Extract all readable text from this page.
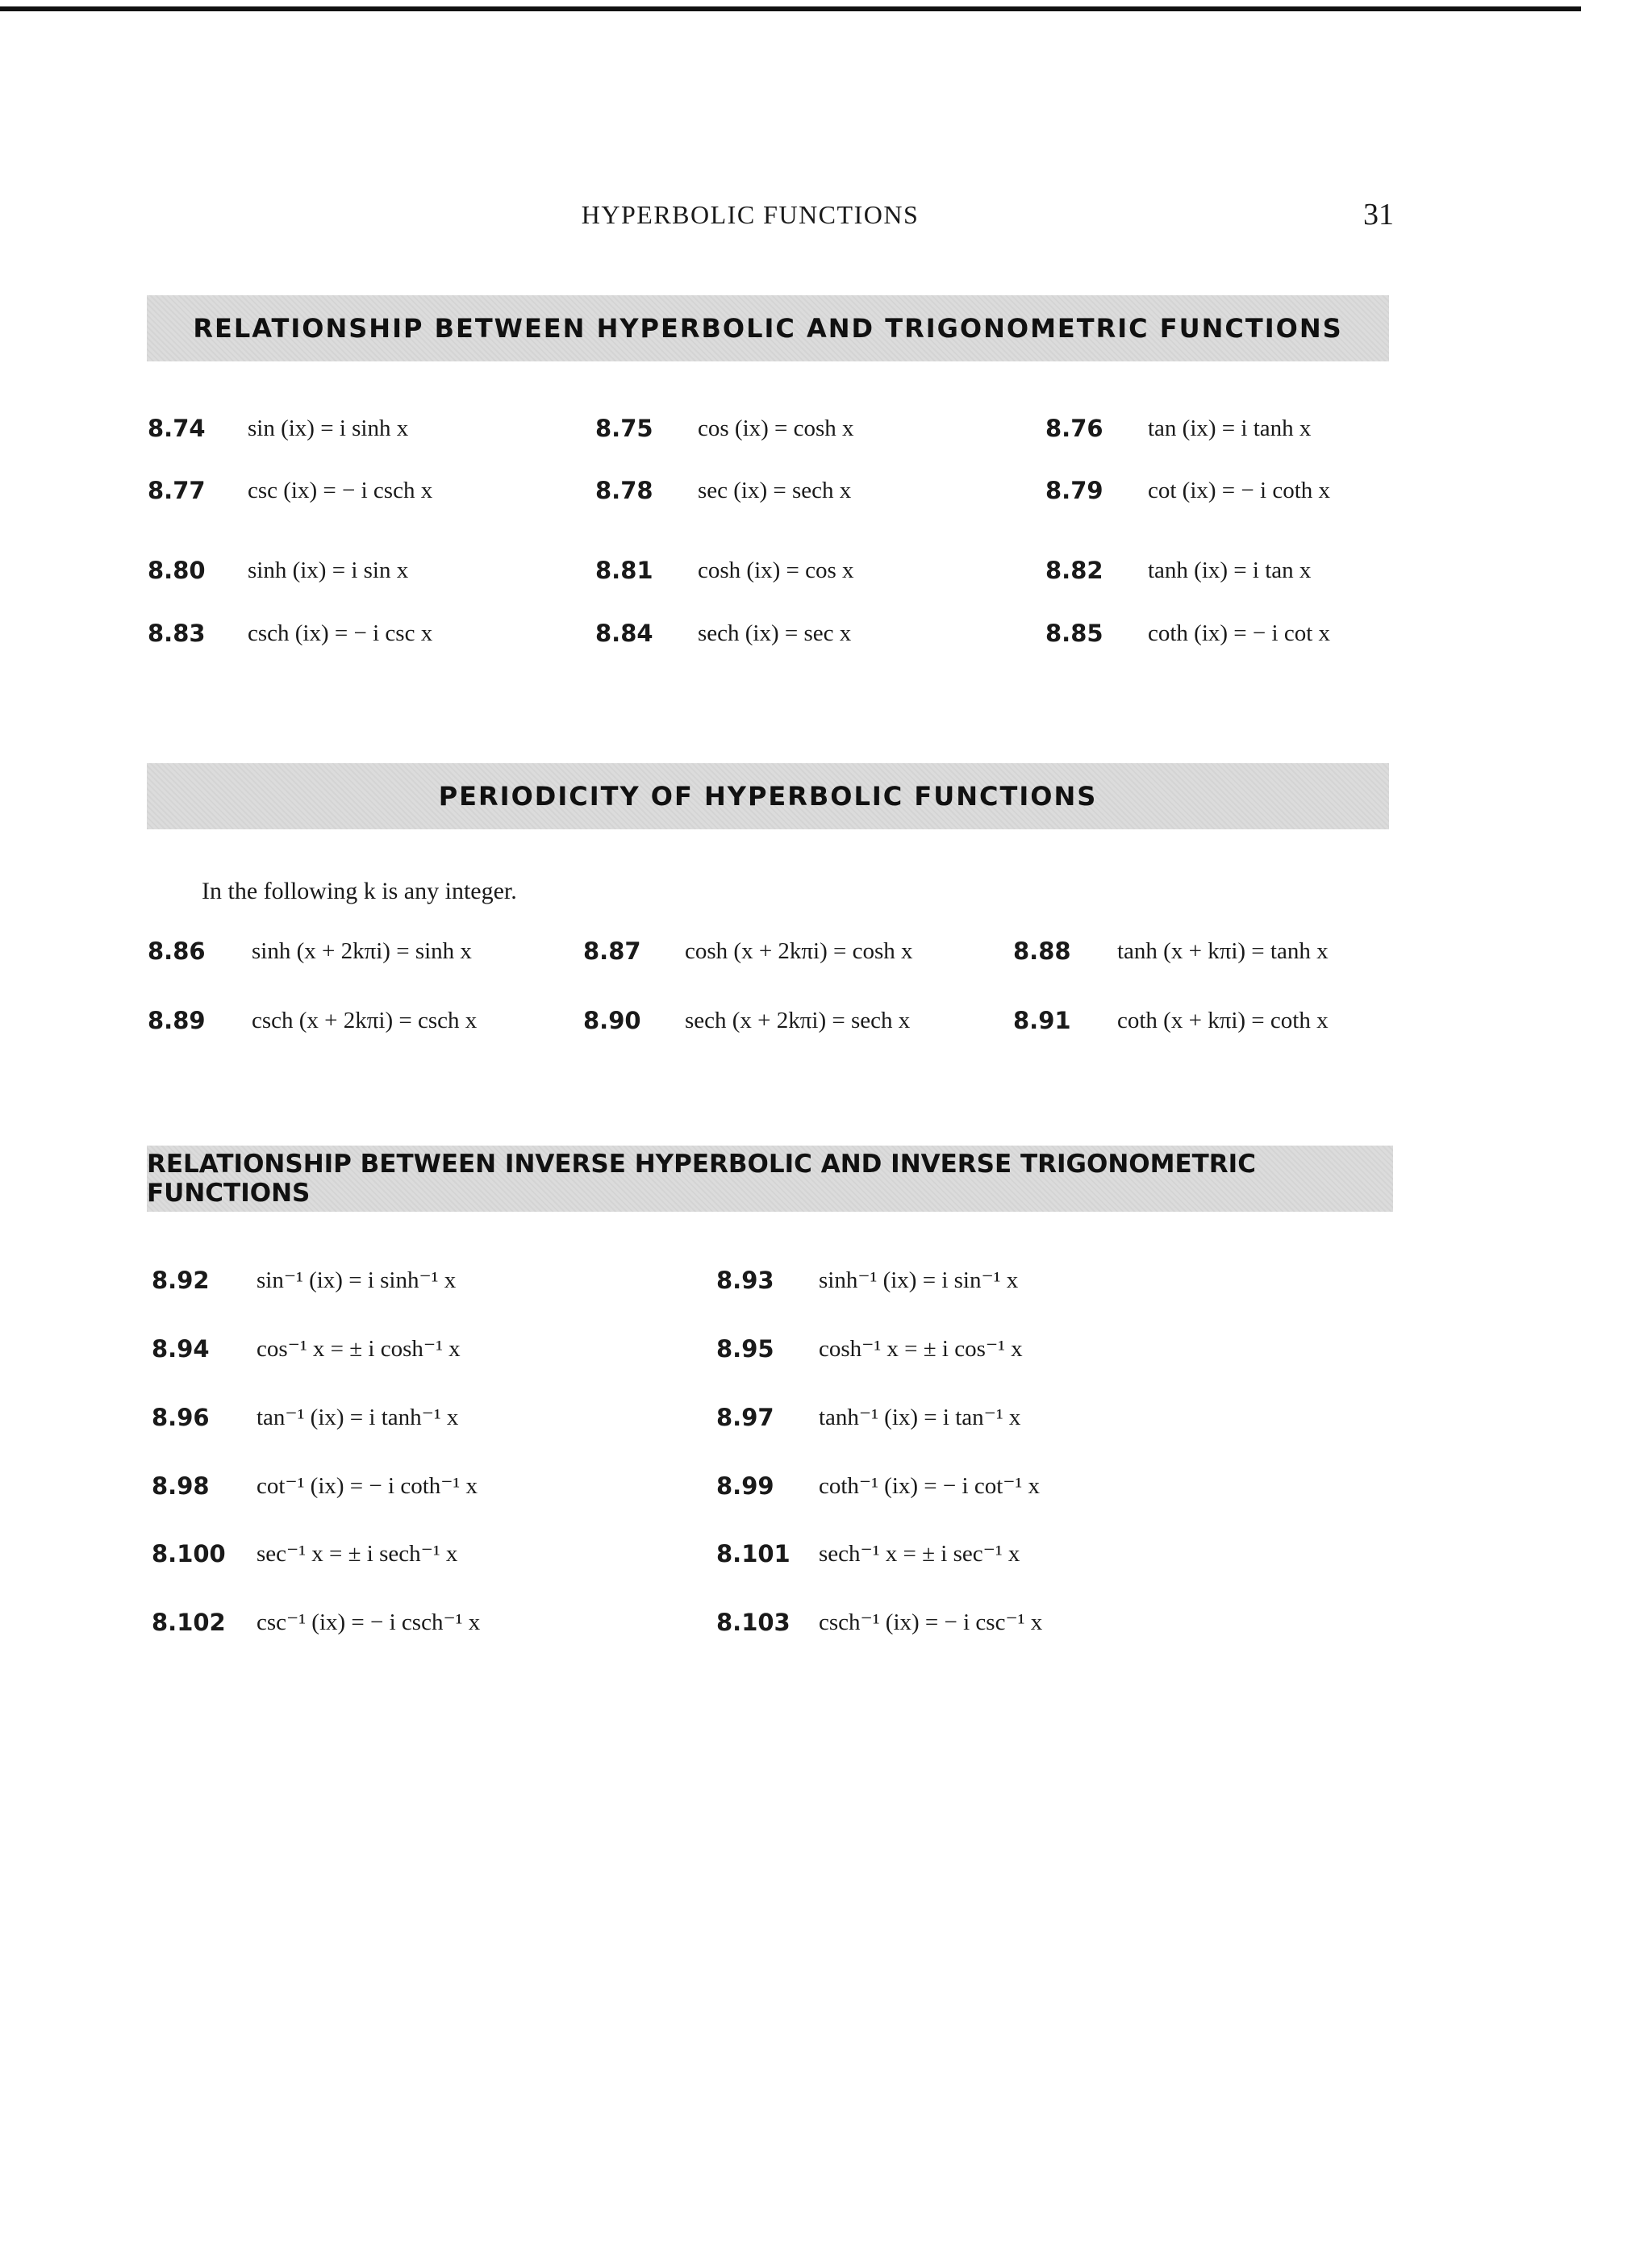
HYPERBOLIC FUNCTIONS	31
RELATIONSHIP BETWEEN HYPERBOLIC AND TRIGONOMETRIC FUNCTIONS
8.74 sin (ix) = i sinh x	8.75 cos (ix) = cosh x	8.76 tan (ix) = i tanh x
8.77 csc (ix) = − i csch x	8.78 sec (ix) = sech x	8.79 cot (ix) = − i coth x
8.80 sinh (ix) = i sin x	8.81 cosh (ix) = cos x	8.82 tanh (ix) = i tan x
8.83 csch (ix) = − i csc x	8.84 sech (ix) = sec x	8.85 coth (ix) = − i cot x
PERIODICITY OF HYPERBOLIC FUNCTIONS
In the following k is any integer.
8.86 sinh (x + 2kπi) = sinh x	8.87 cosh (x + 2kπi) = cosh x	8.88 tanh (x + kπi) = tanh x
8.89 csch (x + 2kπi) = csch x	8.90 sech (x + 2kπi) = sech x	8.91 coth (x + kπi) = coth x
RELATIONSHIP BETWEEN INVERSE HYPERBOLIC AND INVERSE TRIGONOMETRIC FUNCTIONS
8.92 sin⁻¹ (ix) = i sinh⁻¹ x	8.93 sinh⁻¹ (ix) = i sin⁻¹ x
8.94 cos⁻¹ x = ± i cosh⁻¹ x	8.95 cosh⁻¹ x = ± i cos⁻¹ x
8.96 tan⁻¹ (ix) = i tanh⁻¹ x	8.97 tanh⁻¹ (ix) = i tan⁻¹ x
8.98 cot⁻¹ (ix) = − i coth⁻¹ x	8.99 coth⁻¹ (ix) = − i cot⁻¹ x
8.100 sec⁻¹ x = ± i sech⁻¹ x	8.101 sech⁻¹ x = ± i sec⁻¹ x
8.102 csc⁻¹ (ix) = − i csch⁻¹ x	8.103 csch⁻¹ (ix) = − i csc⁻¹ x
